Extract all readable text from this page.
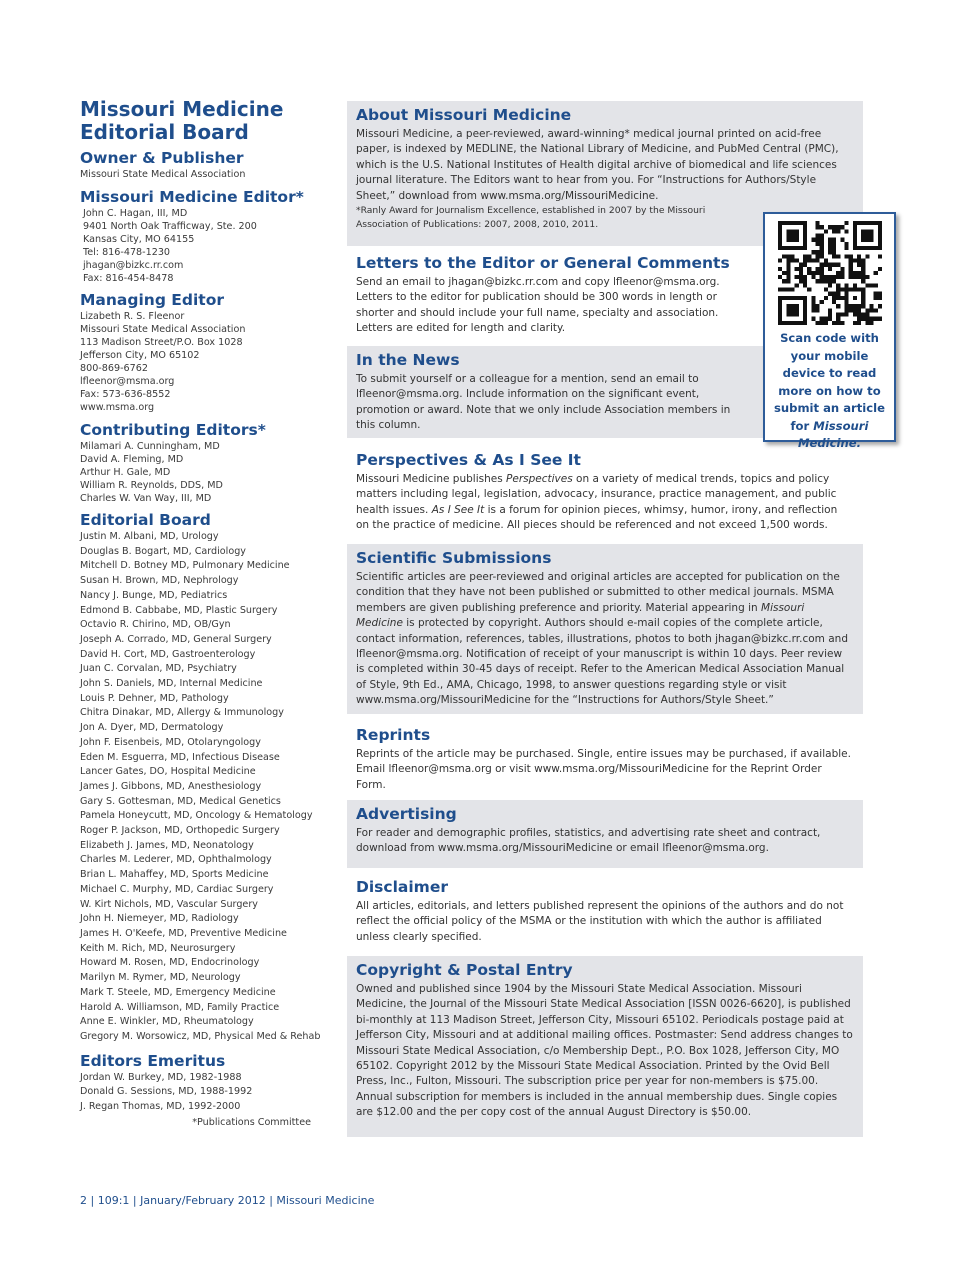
Missouri Medicine
Editorial Board
Owner & Publisher
Missouri State Medical Association
Missouri Medicine Editor*
John C. Hagan, III, MD
9401 North Oak Trafficway, Ste. 200
Kansas City, MO 64155
Tel: 816-478-1230
jhagan@bizkc.rr.com
Fax: 816-454-8478
Managing Editor
Lizabeth R. S. Fleenor
Missouri State Medical Association
113 Madison Street/P.O. Box 1028
Jefferson City, MO 65102
800-869-6762
lfleenor@msma.org
Fax: 573-636-8552
www.msma.org
Contributing Editors*
Milamari A. Cunningham, MD
David A. Fleming, MD
Arthur H. Gale, MD
William R. Reynolds, DDS, MD
Charles W. Van Way, III, MD
Editorial Board
Justin M. Albani, MD, Urology
Douglas B. Bogart, MD, Cardiology
Mitchell D. Botney MD, Pulmonary Medicine
Susan H. Brown, MD, Nephrology
Nancy J. Bunge, MD, Pediatrics
Edmond B. Cabbabe, MD, Plastic Surgery
Octavio R. Chirino, MD, OB/Gyn
Joseph A. Corrado, MD, General Surgery
David H. Cort, MD, Gastroenterology
Juan C. Corvalan, MD, Psychiatry
John S. Daniels, MD, Internal Medicine
Louis P. Dehner, MD, Pathology
Chitra Dinakar, MD, Allergy & Immunology
Jon A. Dyer, MD, Dermatology
John F. Eisenbeis, MD, Otolaryngology
Eden M. Esguerra, MD, Infectious Disease
Lancer Gates, DO, Hospital Medicine
James J. Gibbons, MD, Anesthesiology
Gary S. Gottesman, MD, Medical Genetics
Pamela Honeycutt, MD, Oncology & Hematology
Roger P. Jackson, MD, Orthopedic Surgery
Elizabeth J. James, MD, Neonatology
Charles M. Lederer, MD, Ophthalmology
Brian L. Mahaffey, MD, Sports Medicine
Michael C. Murphy, MD, Cardiac Surgery
W. Kirt Nichols, MD, Vascular Surgery
John H. Niemeyer, MD, Radiology
James H. O'Keefe, MD, Preventive Medicine
Keith M. Rich, MD, Neurosurgery
Howard M. Rosen, MD, Endocrinology
Marilyn M. Rymer, MD, Neurology
Mark T. Steele, MD, Emergency Medicine
Harold A. Williamson, MD, Family Practice
Anne E. Winkler, MD, Rheumatology
Gregory M. Worsowicz, MD, Physical Med & Rehab
Editors Emeritus
Jordan W. Burkey, MD, 1982-1988
Donald G. Sessions, MD, 1988-1992
J. Regan Thomas, MD, 1992-2000
*Publications Committee
About Missouri Medicine

Missouri Medicine, a peer-reviewed, award-winning* medical journal printed on acid-free paper, is indexed by MEDLINE, the National Library of Medicine, and PubMed Central (PMC), which is the U.S. National Institutes of Health digital archive of biomedical and life sciences journal literature. The Editors want to hear from you. For “Instructions for Authors/Style Sheet,” download from www.msma.org/MissouriMedicine.

*Ranly Award for Journalism Excellence, established in 2007 by the Missouri Association of Publications: 2007, 2008, 2010, 2011.

Letters to the Editor or General Comments

Send an email to jhagan@bizkc.rr.com and copy lfleenor@msma.org. Letters to the editor for publication should be 300 words in length or shorter and should include your full name, specialty and association. Letters are edited for length and clarity.

In the News

To submit yourself or a colleague for a mention, send an email to lfleenor@msma.org. Include information on the significant event, promotion or award. Note that we only include Association members in this column.

Perspectives & As I See It

Missouri Medicine publishes Perspectives on a variety of medical trends, topics and policy matters including legal, legislation, advocacy, insurance, practice management, and public health issues. As I See It is a forum for opinion pieces, whimsy, humor, irony, and reflection on the practice of medicine. All pieces should be referenced and not exceed 1,500 words.

Scientific Submissions

Scientific articles are peer-reviewed and original articles are accepted for publication on the condition that they have not been published or submitted to other medical journals. MSMA members are given publishing preference and priority. Material appearing in Missouri Medicine is protected by copyright. Authors should e-mail copies of the complete article, contact information, references, tables, illustrations, photos to both jhagan@bizkc.rr.com and lfleenor@msma.org. Notification of receipt of your manuscript is within 10 days. Peer review is completed within 30-45 days of receipt. Refer to the American Medical Association Manual of Style, 9th Ed., AMA, Chicago, 1998, to answer questions regarding style or visit www.msma.org/MissouriMedicine for the “Instructions for Authors/Style Sheet.”

Reprints

Reprints of the article may be purchased. Single, entire issues may be purchased, if available. Email lfleenor@msma.org or visit www.msma.org/MissouriMedicine for the Reprint Order Form.

Advertising

For reader and demographic profiles, statistics, and advertising rate sheet and contract, download from www.msma.org/MissouriMedicine or email lfleenor@msma.org.

Disclaimer

All articles, editorials, and letters published represent the opinions of the authors and do not reflect the official policy of the MSMA or the institution with which the author is affiliated unless clearly specified.

Copyright & Postal Entry

Owned and published since 1904 by the Missouri State Medical Association. Missouri Medicine, the Journal of the Missouri State Medical Association [ISSN 0026-6620], is published bi-monthly at 113 Madison Street, Jefferson City, Missouri 65102. Periodicals postage paid at Jefferson City, Missouri and at additional mailing offices. Postmaster: Send address changes to Missouri State Medical Association, c/o Membership Dept., P.O. Box 1028, Jefferson City, MO 65102. Copyright 2012 by the Missouri State Medical Association. Printed by the Ovid Bell Press, Inc., Fulton, Missouri. The subscription price per year for non-members is $75.00. Annual subscription for members is included in the annual membership dues. Single copies are $12.00 and the per copy cost of the annual August Directory is $50.00.

Scan code with your mobile device to read more on how to submit an article for Missouri Medicine.
2 | 109:1 | January/February 2012 | Missouri Medicine
